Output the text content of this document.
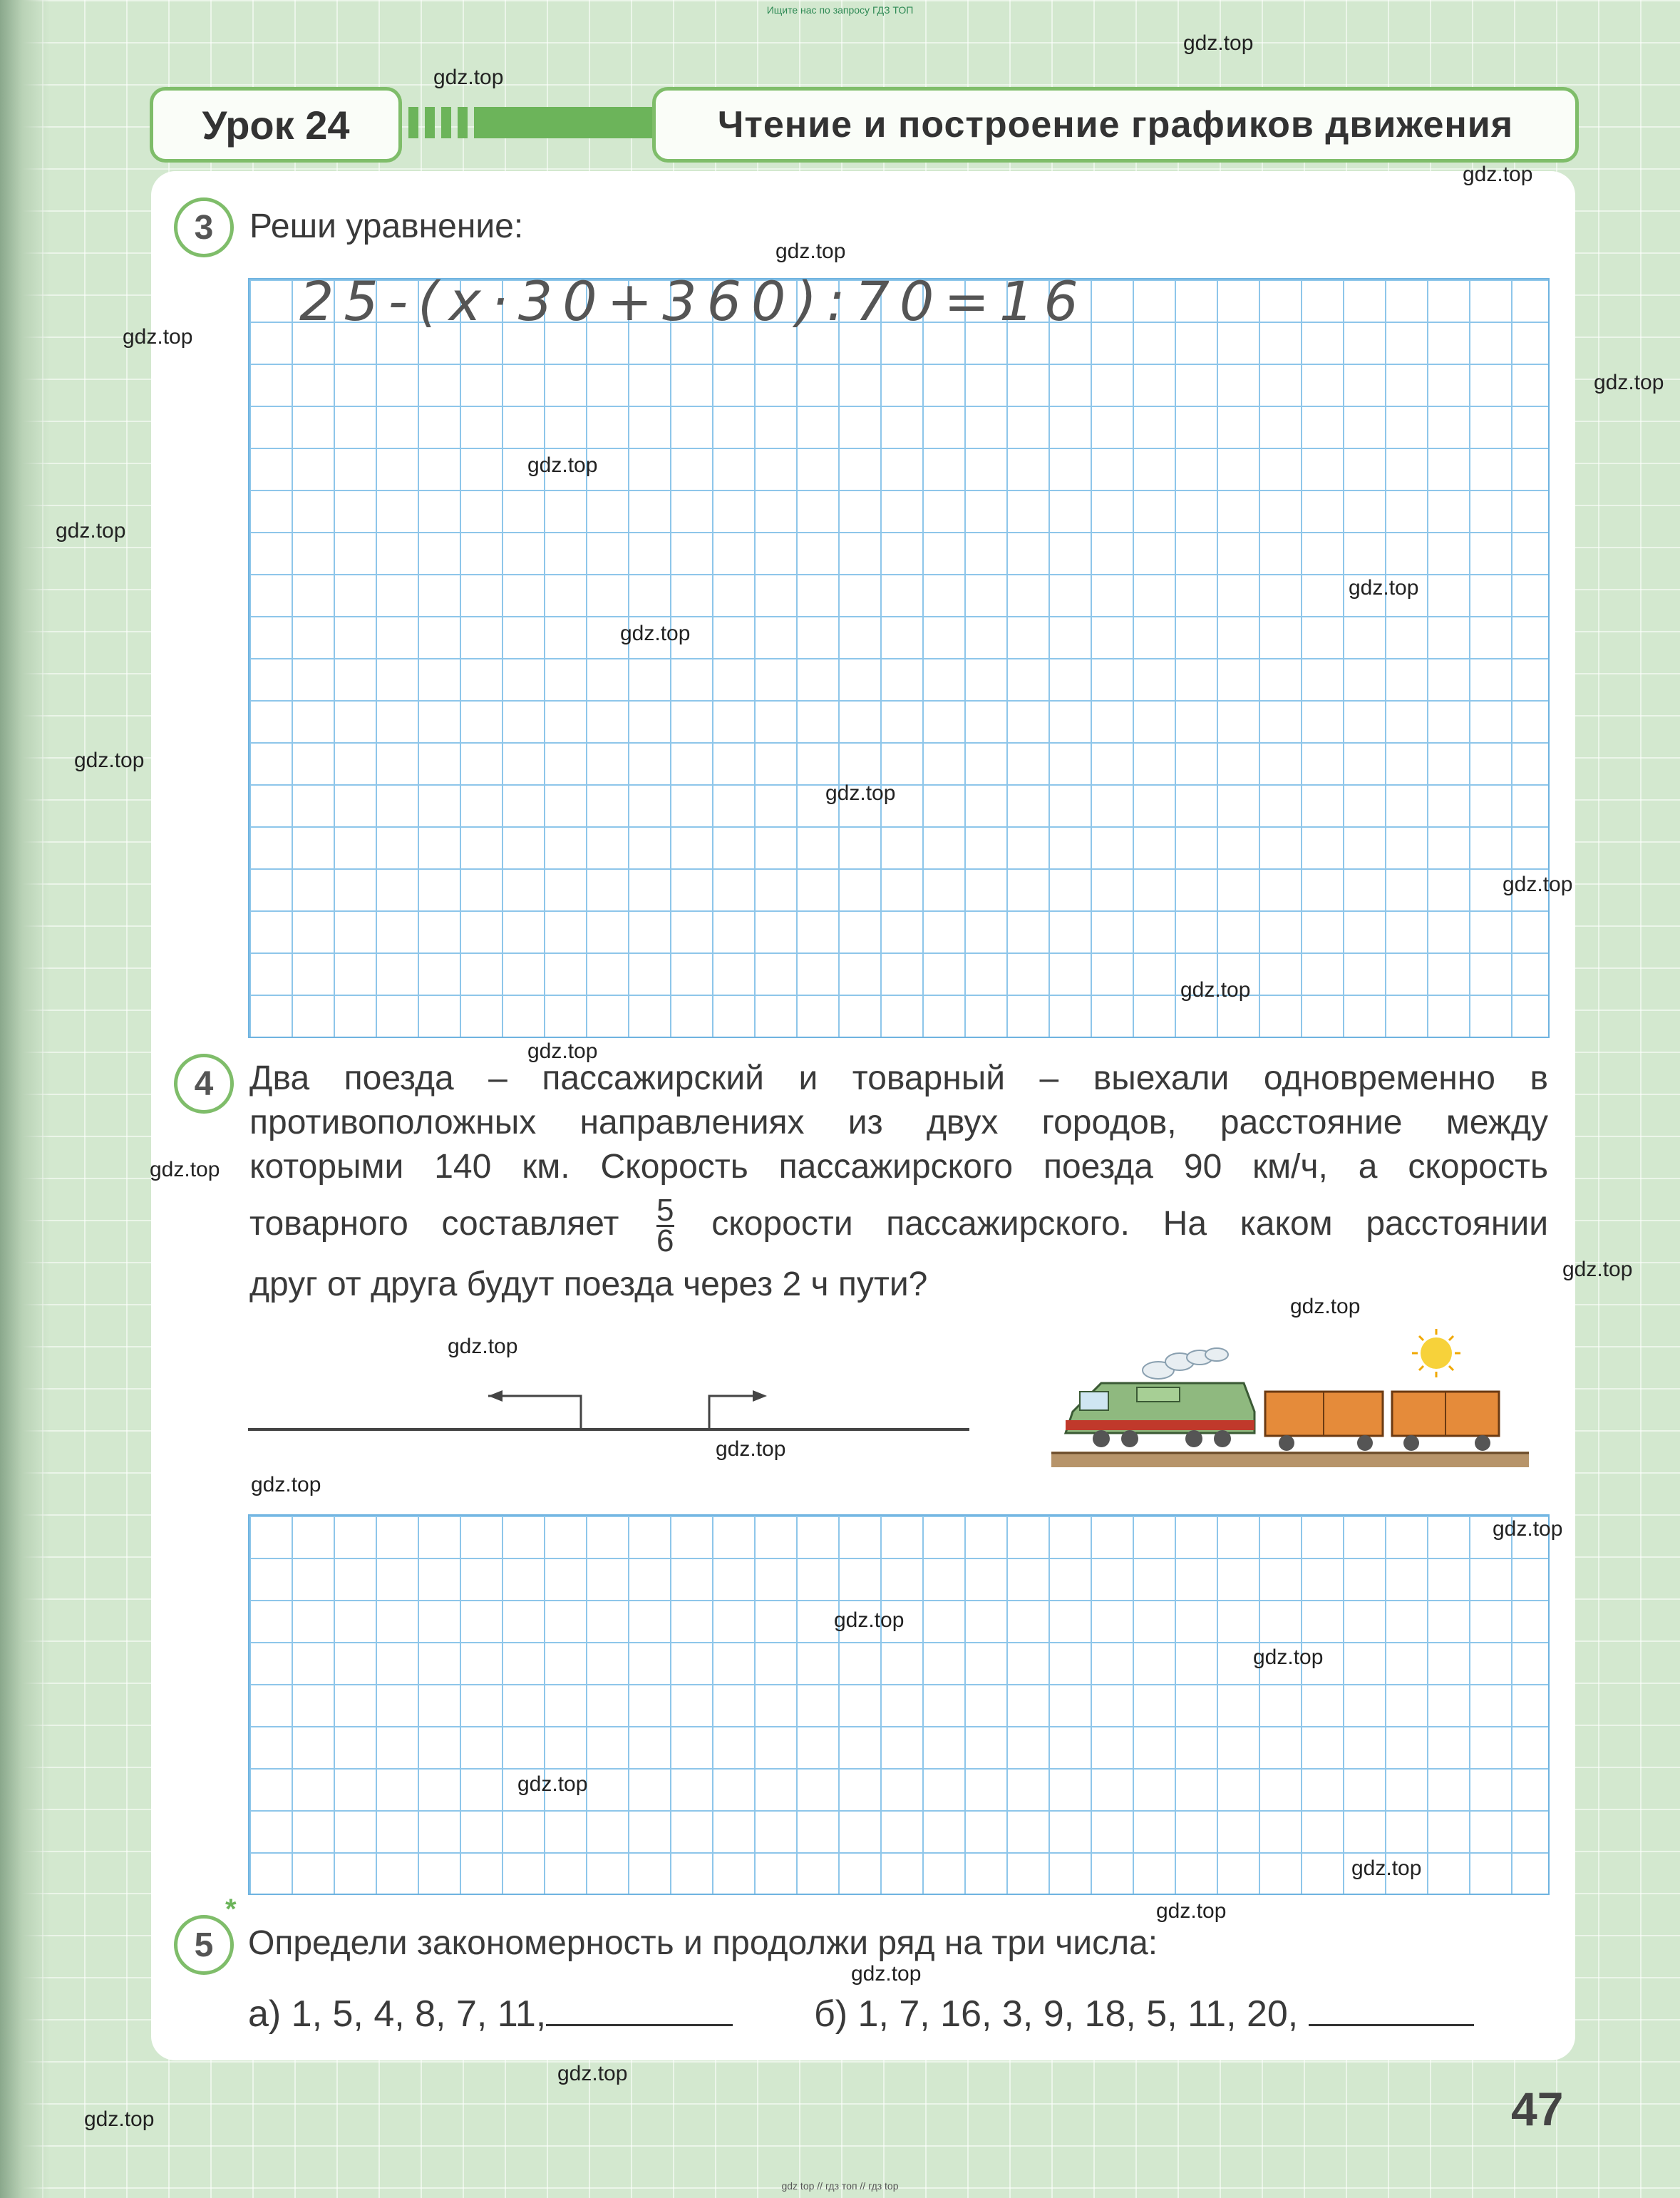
Ищите нас по запросу ГДЗ ТОП
Урок 24	Чтение и построение графиков движения
3 Реши уравнение:
25-(x·30+360):70=16
4 Два поезда – пассажирский и товарный – выехали одновременно в
противоположных направлениях из двух городов, расстояние между
которыми 140 км. Скорость пассажирского поезда 90 км/ч, а скорость
товарного составляет $\frac{5}{6}$ скорости пассажирского. На каком расстоянии
друг от друга будут поезда через 2 ч пути?
5
*
Определи закономерность и продолжи ряд на три числа:
а) 1, 5, 4, 8, 7, 11,	б) 1, 7, 16, 3, 9, 18, 5, 11, 20,
47
gdz top // гдз топ // гдз top
gdz.top
gdz.top
gdz.top
gdz.top
gdz.top
gdz.top
gdz.top
gdz.top
gdz.top
gdz.top
gdz.top
gdz.top
gdz.top
gdz.top
gdz.top
gdz.top
gdz.top
gdz.top
gdz.top
gdz.top
gdz.top
gdz.top
gdz.top
gdz.top
gdz.top
gdz.top
gdz.top
gdz.top
gdz.top
gdz.top
